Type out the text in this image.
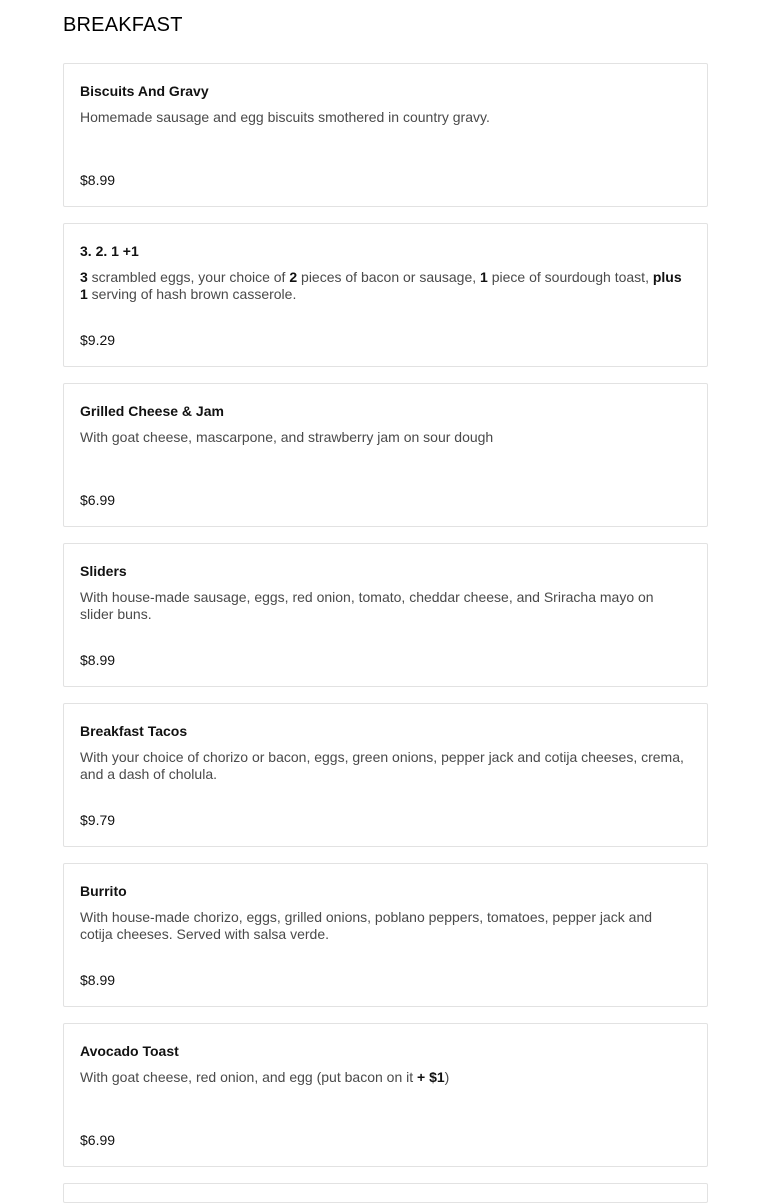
BREAKFAST
Biscuits And Gravy

Homemade sausage and egg biscuits smothered in country gravy.

$8.99
3. 2. 1 +1

3 scrambled eggs, your choice of 2 pieces of bacon or sausage, 1 piece of sourdough toast, plus 1 serving of hash brown casserole.

$9.29
Grilled Cheese & Jam

With goat cheese, mascarpone, and strawberry jam on sour dough

$6.99
Sliders

With house-made sausage, eggs, red onion, tomato, cheddar cheese, and Sriracha mayo on slider buns.

$8.99
Breakfast Tacos

With your choice of chorizo or bacon, eggs, green onions, pepper jack and cotija cheeses, crema, and a dash of cholula.

$9.79
Burrito

With house-made chorizo, eggs, grilled onions, poblano peppers, tomatoes, pepper jack and cotija cheeses. Served with salsa verde.

$8.99
Avocado Toast

With goat cheese, red onion, and egg (put bacon on it + $1)

$6.99
